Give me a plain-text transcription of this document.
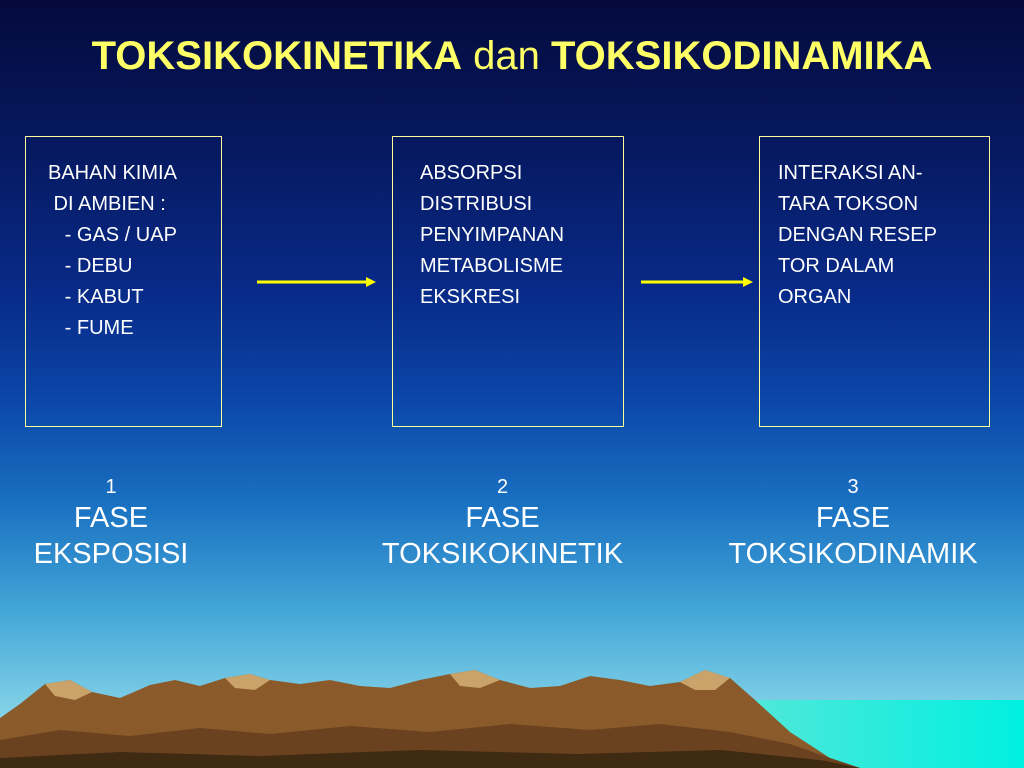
TOKSIKOKINETIKA dan TOKSIKODINAMIKA
BAHAN KIMIA
DI AMBIEN :
- GAS / UAP
- DEBU
- KABUT
- FUME
ABSORPSI
DISTRIBUSI
PENYIMPANAN
METABOLISME
EKSKRESI
INTERAKSI AN-
TARA TOKSON
DENGAN RESEP
TOR DALAM
ORGAN
1
FASE
EKSPOSISI
2
FASE
TOKSIKOKINETIK
3
FASE
TOKSIKODINAMIK
